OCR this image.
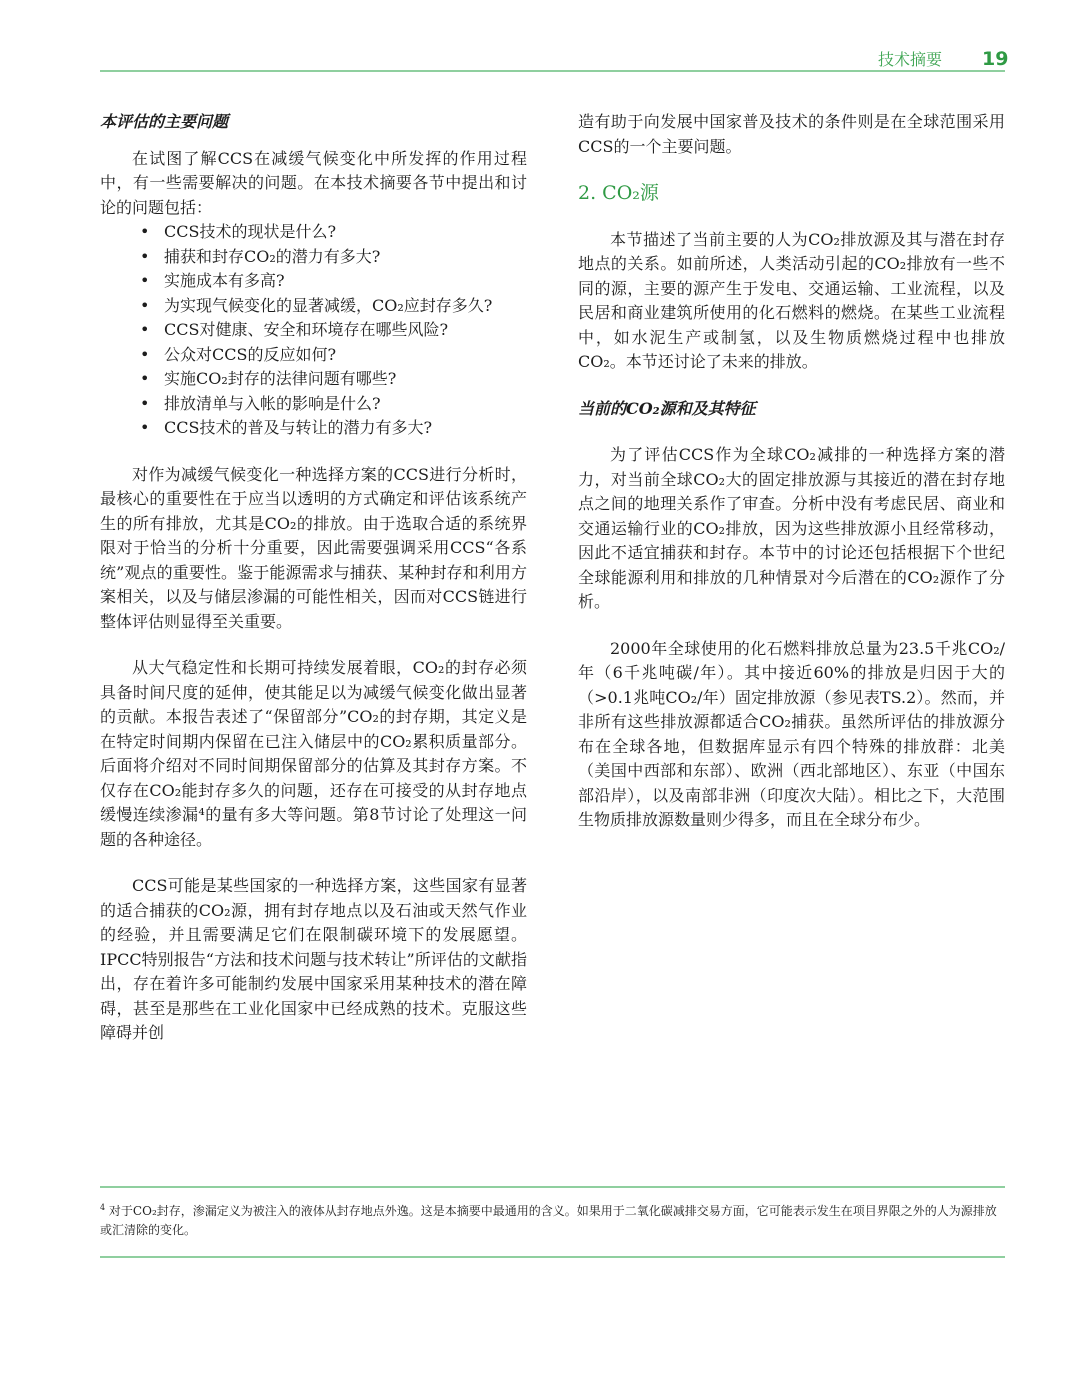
技术摘要 19

本评估的主要问题

在试图了解CCS在减缓气候变化中所发挥的作用过程中，有一些需要解决的问题。在本技术摘要各节中提出和讨论的问题包括：

• CCS技术的现状是什么?
• 捕获和封存CO₂的潜力有多大?
• 实施成本有多高?
• 为实现气候变化的显著减缓，CO₂应封存多久?
• CCS对健康、安全和环境存在哪些风险?
• 公众对CCS的反应如何?
• 实施CO₂封存的法律问题有哪些?
• 排放清单与入帐的影响是什么?
• CCS技术的普及与转让的潜力有多大?

对作为减缓气候变化一种选择方案的CCS进行分析时，最核心的重要性在于应当以透明的方式确定和评估该系统产生的所有排放，尤其是CO₂的排放。由于选取合适的系统界限对于恰当的分析十分重要，因此需要强调采用CCS“各系统”观点的重要性。鉴于能源需求与捕获、某种封存和利用方案相关，以及与储层渗漏的可能性相关，因而对CCS链进行整体评估则显得至关重要。

从大气稳定性和长期可持续发展着眼，CO₂的封存必须具备时间尺度的延伸，使其能足以为减缓气候变化做出显著的贡献。本报告表述了“保留部分”CO₂的封存期，其定义是在特定时间期内保留在已注入储层中的CO₂累积质量部分。后面将介绍对不同时间期保留部分的估算及其封存方案。不仅存在CO₂能封存多久的问题，还存在可接受的从封存地点缓慢连续渗漏⁴的量有多大等问题。第8节讨论了处理这一问题的各种途径。

CCS可能是某些国家的一种选择方案，这些国家有显著的适合捕获的CO₂源，拥有封存地点以及石油或天然气作业的经验，并且需要满足它们在限制碳环境下的发展愿望。IPCC特别报告“方法和技术问题与技术转让”所评估的文献指出，存在着许多可能制约发展中国家采用某种技术的潜在障碍，甚至是那些在工业化国家中已经成熟的技术。克服这些障碍并创

造有助于向发展中国家普及技术的条件则是在全球范围采用CCS的一个主要问题。

2. CO₂源

本节描述了当前主要的人为CO₂排放源及其与潜在封存地点的关系。如前所述，人类活动引起的CO₂排放有一些不同的源，主要的源产生于发电、交通运输、工业流程，以及民居和商业建筑所使用的化石燃料的燃烧。在某些工业流程中，如水泥生产或制氢，以及生物质燃烧过程中也排放CO₂。本节还讨论了未来的排放。

当前的CO₂源和及其特征

为了评估CCS作为全球CO₂减排的一种选择方案的潜力，对当前全球CO₂大的固定排放源与其接近的潜在封存地点之间的地理关系作了审查。分析中没有考虑民居、商业和交通运输行业的CO₂排放，因为这些排放源小且经常移动，因此不适宜捕获和封存。本节中的讨论还包括根据下个世纪全球能源利用和排放的几种情景对今后潜在的CO₂源作了分析。

2000年全球使用的化石燃料排放总量为23.5千兆CO₂/年（6千兆吨碳/年）。其中接近60%的排放是归因于大的（>0.1兆吨CO₂/年）固定排放源（参见表TS.2）。然而，并非所有这些排放源都适合CO₂捕获。虽然所评估的排放源分布在全球各地，但数据库显示有四个特殊的排放群：北美（美国中西部和东部）、欧洲（西北部地区）、东亚（中国东部沿岸），以及南部非洲（印度次大陆）。相比之下，大范围生物质排放源数量则少得多，而且在全球分布少。

$^4$ 对于CO₂封存，渗漏定义为被注入的液体从封存地点外逸。这是本摘要中最通用的含义。如果用于二氧化碳减排交易方面，它可能表示发生在项目界限之外的人为源排放或汇清除的变化。
